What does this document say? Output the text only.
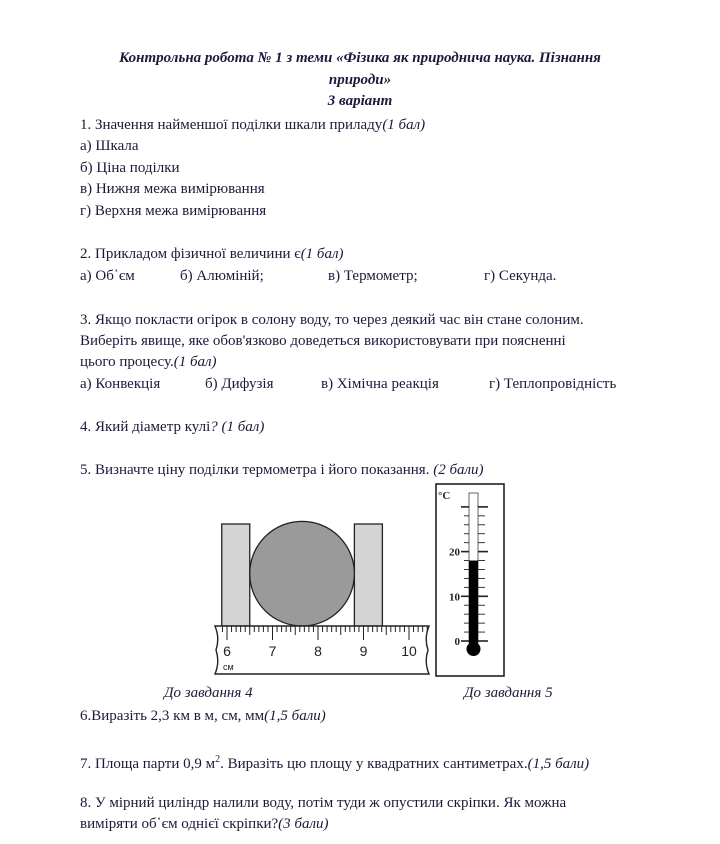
Контрольна робота № 1 з теми «Фізика як природнича наука. Пізнання
природи»
3 варіант
1. Значення найменшої поділки шкали приладу(1 бал)
а) Шкала
б) Ціна поділки
в) Нижня межа вимірювання
г) Верхня межа вимірювання
2. Прикладом фізичної величини є(1 бал)
а) Об῾єм	б) Алюміній;	в) Термометр;	г) Секунда.
3. Якщо покласти огірок в солону воду, то через деякий час він стане солоним.
Виберіть явище, яке обов'язково доведеться використовувати при поясненні
цього процесу.(1 бал)
а) Конвекція	б) Дифузія	в) Хімічна реакція	г) Теплопровідність
4. Який діаметр кулі? (1 бал)
5. Визначте ціну поділки термометра і його показання. (2 бали)
6	7	8	9 10
см
°C
0
10
20
До завдання 4	До завдання 5
6.Виразіть 2,3 км в м, см, мм(1,5 бали)
7. Площа парти 0,9 $м^2$. Виразіть цю площу у квадратних сантиметрах.(1,5 бали)
8. У мірний циліндр налили воду, потім туди ж опустили скріпки. Як можна
виміряти об῾єм однієї скріпки?(3 бали)
